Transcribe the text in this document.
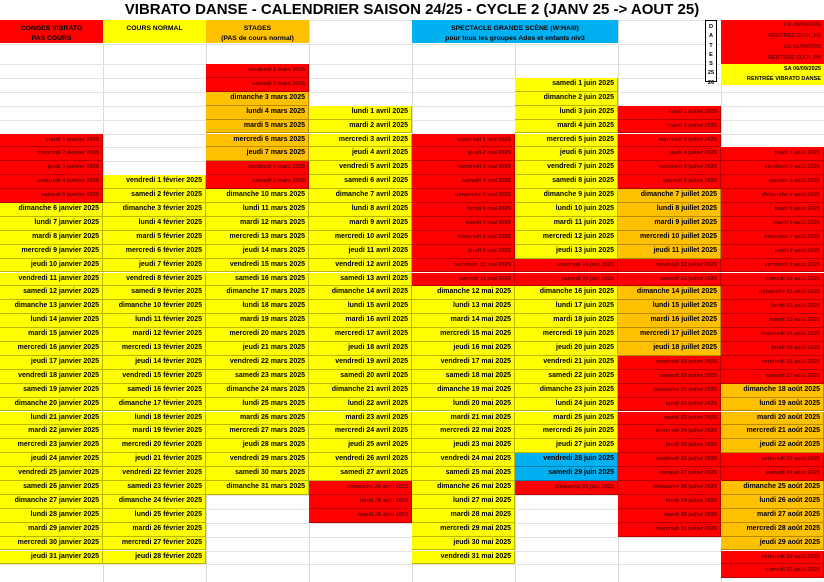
VIBRATO DANSE - CALENDRIER SAISON 24/25 - CYCLE 2 (JANV 25 -> AOUT 25)
CONGES VIBRATO
PAS COURS
COURS NORMAL	STAGES
(PAS de cours normal)
SPECTACLE GRANDE SCÈNE (W:HAIII)
pour tous les groupes Ados et enfants niv3
D
A
T
E
S
25
26
LU 28/06/2026
RENTRÉE SCOL FR
LU 01/09/2025
RENTRÉE SCOL PR
SA 06/09/2025
RENTRÉE VIBRATO DANSE
mardi 1 janvier 2025
mercredi 2 janvier 2025
jeudi 3 janvier 2025
vendredi 4 janvier 2025
samedi 5 janvier 2025
dimanche 6 janvier 2025
lundi 7 janvier 2025
mardi 8 janvier 2025
mercredi 9 janvier 2025
jeudi 10 janvier 2025
vendredi 11 janvier 2025
samedi 12 janvier 2025
dimanche 13 janvier 2025
lundi 14 janvier 2025
mardi 15 janvier 2025
mercredi 16 janvier 2025
jeudi 17 janvier 2025
vendredi 18 janvier 2025
samedi 19 janvier 2025
dimanche 20 janvier 2025
lundi 21 janvier 2025
mardi 22 janvier 2025
mercredi 23 janvier 2025
jeudi 24 janvier 2025
vendredi 25 janvier 2025
samedi 26 janvier 2025
dimanche 27 janvier 2025
lundi 28 janvier 2025
mardi 29 janvier 2025
mercredi 30 janvier 2025
jeudi 31 janvier 2025
vendredi 1 février 2025
samedi 2 février 2025
dimanche 3 février 2025
lundi 4 février 2025
mardi 5 février 2025
mercredi 6 février 2025
jeudi 7 février 2025
vendredi 8 février 2025
samedi 9 février 2025
dimanche 10 février 2025
lundi 11 février 2025
mardi 12 février 2025
mercredi 13 février 2025
jeudi 14 février 2025
vendredi 15 février 2025
samedi 16 février 2025
dimanche 17 février 2025
lundi 18 février 2025
mardi 19 février 2025
mercredi 20 février 2025
jeudi 21 février 2025
vendredi 22 février 2025
samedi 23 février 2025
dimanche 24 février 2025
lundi 25 février 2025
mardi 26 février 2025
mercredi 27 février 2025
jeudi 28 février 2025
vendredi 1 mars 2025
samedi 2 mars 2025
dimanche 3 mars 2025
lundi 4 mars 2025
mardi 5 mars 2025
mercredi 6 mars 2025
jeudi 7 mars 2025
vendredi 8 mars 2025
samedi 9 mars 2025
dimanche 10 mars 2025
lundi 11 mars 2025
mardi 12 mars 2025
mercredi 13 mars 2025
jeudi 14 mars 2025
vendredi 15 mars 2025
samedi 16 mars 2025
dimanche 17 mars 2025
lundi 18 mars 2025
mardi 19 mars 2025
mercredi 20 mars 2025
jeudi 21 mars 2025
vendredi 22 mars 2025
samedi 23 mars 2025
dimanche 24 mars 2025
lundi 25 mars 2025
mardi 26 mars 2025
mercredi 27 mars 2025
jeudi 28 mars 2025
vendredi 29 mars 2025
samedi 30 mars 2025
dimanche 31 mars 2025
lundi 1 avril 2025
mardi 2 avril 2025
mercredi 3 avril 2025
jeudi 4 avril 2025
vendredi 5 avril 2025
samedi 6 avril 2025
dimanche 7 avril 2025
lundi 8 avril 2025
mardi 9 avril 2025
mercredi 10 avril 2025
jeudi 11 avril 2025
vendredi 12 avril 2025
samedi 13 avril 2025
dimanche 14 avril 2025
lundi 15 avril 2025
mardi 16 avril 2025
mercredi 17 avril 2025
jeudi 18 avril 2025
vendredi 19 avril 2025
samedi 20 avril 2025
dimanche 21 avril 2025
lundi 22 avril 2025
mardi 23 avril 2025
mercredi 24 avril 2025
jeudi 25 avril 2025
vendredi 26 avril 2025
samedi 27 avril 2025
dimanche 28 avril 2025
lundi 29 avril 2025
mardi 30 avril 2025
mercredi 1 mai 2025
jeudi 2 mai 2025
vendredi 3 mai 2025
samedi 4 mai 2025
dimanche 5 mai 2025
lundi 6 mai 2025
mardi 7 mai 2025
mercredi 8 mai 2025
jeudi 9 mai 2025
vendredi 10 mai 2025
samedi 11 mai 2025
dimanche 12 mai 2025
lundi 13 mai 2025
mardi 14 mai 2025
mercredi 15 mai 2025
jeudi 16 mai 2025
vendredi 17 mai 2025
samedi 18 mai 2025
dimanche 19 mai 2025
lundi 20 mai 2025
mardi 21 mai 2025
mercredi 22 mai 2025
jeudi 23 mai 2025
vendredi 24 mai 2025
samedi 25 mai 2025
dimanche 26 mai 2025
lundi 27 mai 2025
mardi 28 mai 2025
mercredi 29 mai 2025
jeudi 30 mai 2025
vendredi 31 mai 2025
samedi 1 juin 2025
dimanche 2 juin 2025
lundi 3 juin 2025
mardi 4 juin 2025
mercredi 5 juin 2025
jeudi 6 juin 2025
vendredi 7 juin 2025
samedi 8 juin 2025
dimanche 9 juin 2025
lundi 10 juin 2025
mardi 11 juin 2025
mercredi 12 juin 2025
jeudi 13 juin 2025
vendredi 14 juin 2025
samedi 15 juin 2025
dimanche 16 juin 2025
lundi 17 juin 2025
mardi 18 juin 2025
mercredi 19 juin 2025
jeudi 20 juin 2025
vendredi 21 juin 2025
samedi 22 juin 2025
dimanche 23 juin 2025
lundi 24 juin 2025
mardi 25 juin 2025
mercredi 26 juin 2025
jeudi 27 juin 2025
vendredi 28 juin 2025
samedi 29 juin 2025
dimanche 30 juin 2025
lundi 1 juillet 2025
mardi 2 juillet 2025
mercredi 3 juillet 2025
jeudi 4 juillet 2025
vendredi 5 juillet 2025
samedi 6 juillet 2025
dimanche 7 juillet 2025
lundi 8 juillet 2025
mardi 9 juillet 2025
mercredi 10 juillet 2025
jeudi 11 juillet 2025
vendredi 12 juillet 2025
samedi 13 juillet 2025
dimanche 14 juillet 2025
lundi 15 juillet 2025
mardi 16 juillet 2025
mercredi 17 juillet 2025
jeudi 18 juillet 2025
vendredi 19 juillet 2025
samedi 20 juillet 2025
dimanche 21 juillet 2025
lundi 22 juillet 2025
mardi 23 juillet 2025
mercredi 24 juillet 2025
jeudi 25 juillet 2025
vendredi 26 juillet 2025
samedi 27 juillet 2025
dimanche 28 juillet 2025
lundi 29 juillet 2025
mardi 30 juillet 2025
mercredi 31 juillet 2025
jeudi 1 août 2025
vendredi 2 août 2025
samedi 3 août 2025
dimanche 4 août 2025
lundi 5 août 2025
mardi 6 août 2025
mercredi 7 août 2025
jeudi 8 août 2025
vendredi 9 août 2025
samedi 10 août 2025
dimanche 11 août 2025
lundi 12 août 2025
mardi 13 août 2025
mercredi 14 août 2025
jeudi 15 août 2025
vendredi 16 août 2025
samedi 17 août 2025
dimanche 18 août 2025
lundi 19 août 2025
mardi 20 août 2025
mercredi 21 août 2025
jeudi 22 août 2025
vendredi 23 août 2025
samedi 24 août 2025
dimanche 25 août 2025
lundi 26 août 2025
mardi 27 août 2025
mercredi 28 août 2025
jeudi 29 août 2025
vendredi 30 août 2025
samedi 31 août 2025
